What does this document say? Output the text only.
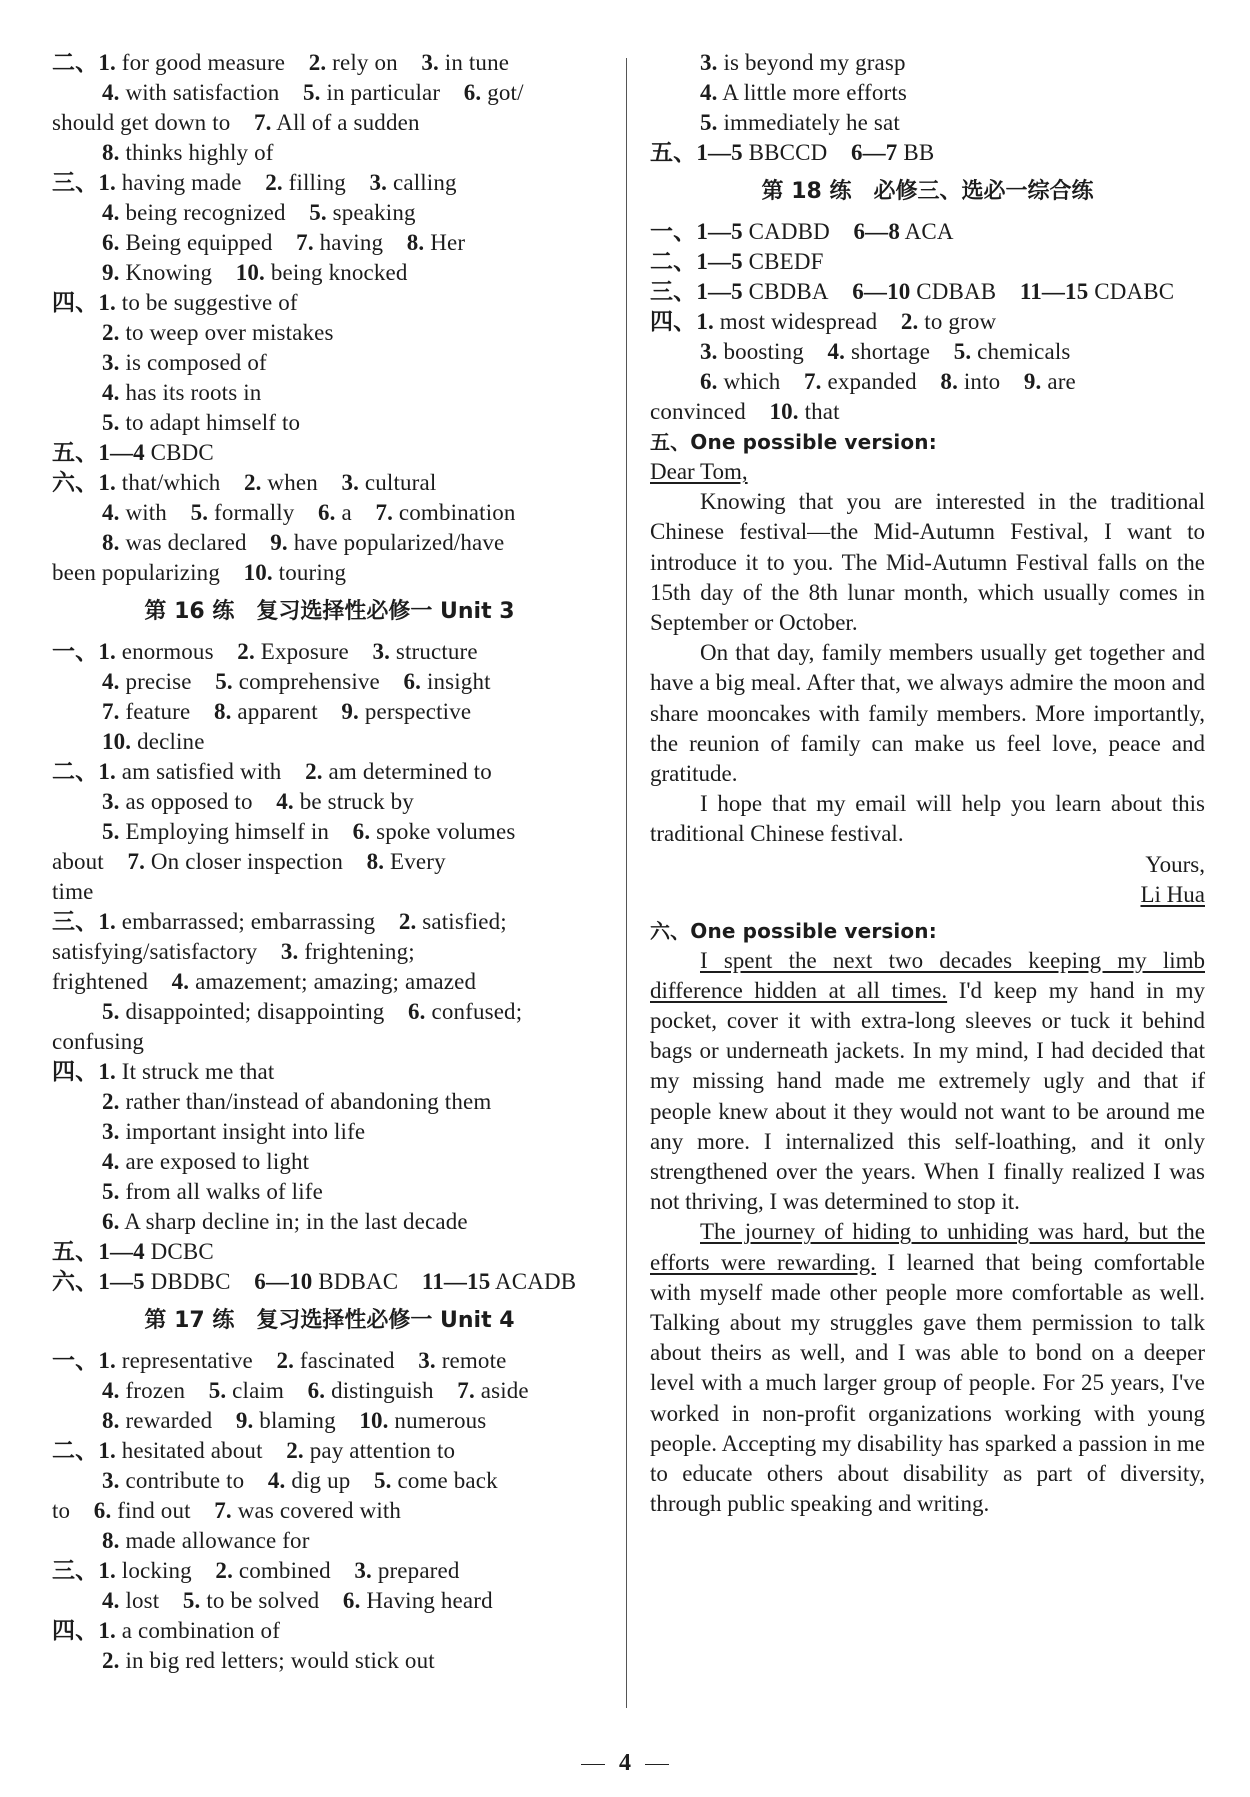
二、1. for good measure    2. rely on    3. in tune
4. with satisfaction    5. in particular    6. got/
should get down to    7. All of a sudden
8. thinks highly of
三、1. having made    2. filling    3. calling
4. being recognized    5. speaking
6. Being equipped    7. having    8. Her
9. Knowing    10. being knocked
四、1. to be suggestive of
2. to weep over mistakes
3. is composed of
4. has its roots in
5. to adapt himself to
五、1—4 CBDC
六、1. that/which    2. when    3. cultural
4. with    5. formally    6. a    7. combination
8. was declared    9. have popularized/have
been popularizing    10. touring
第 16 练　复习选择性必修一 Unit 3
一、1. enormous    2. Exposure    3. structure
4. precise    5. comprehensive    6. insight
7. feature    8. apparent    9. perspective
10. decline
二、1. am satisfied with    2. am determined to
3. as opposed to    4. be struck by
5. Employing himself in    6. spoke volumes
about    7. On closer inspection    8. Every
time
三、1. embarrassed; embarrassing    2. satisfied;
satisfying/satisfactory    3. frightening;
frightened    4. amazement; amazing; amazed
5. disappointed; disappointing    6. confused;
confusing
四、1. It struck me that
2. rather than/instead of abandoning them
3. important insight into life
4. are exposed to light
5. from all walks of life
6. A sharp decline in; in the last decade
五、1—4 DCBC
六、1—5 DBDBC    6—10 BDBAC    11—15 ACADB
第 17 练　复习选择性必修一 Unit 4
一、1. representative    2. fascinated    3. remote
4. frozen    5. claim    6. distinguish    7. aside
8. rewarded    9. blaming    10. numerous
二、1. hesitated about    2. pay attention to
3. contribute to    4. dig up    5. come back
to    6. find out    7. was covered with
8. made allowance for
三、1. locking    2. combined    3. prepared
4. lost    5. to be solved    6. Having heard
四、1. a combination of
2. in big red letters; would stick out
3. is beyond my grasp
4. A little more efforts
5. immediately he sat
五、1—5 BBCCD    6—7 BB
第 18 练　必修三、选必一综合练
一、1—5 CADBD    6—8 ACA
二、1—5 CBEDF
三、1—5 CBDBA    6—10 CDBAB    11—15 CDABC
四、1. most widespread    2. to grow
3. boosting    4. shortage    5. chemicals
6. which    7. expanded    8. into    9. are
convinced    10. that
五、One possible version:
Dear Tom,

Knowing that you are interested in the traditional Chinese festival—the Mid-Autumn Festival, I want to introduce it to you. The Mid-Autumn Festival falls on the 15th day of the 8th lunar month, which usually comes in September or October.

On that day, family members usually get together and have a big meal. After that, we always admire the moon and share mooncakes with family members. More importantly, the reunion of family can make us feel love, peace and gratitude.

I hope that my email will help you learn about this traditional Chinese festival.

Yours,
Li Hua
六、One possible version:

I spent the next two decades keeping my limb difference hidden at all times. I'd keep my hand in my pocket, cover it with extra-long sleeves or tuck it behind bags or underneath jackets. In my mind, I had decided that my missing hand made me extremely ugly and that if people knew about it they would not want to be around me any more. I internalized this self-loathing, and it only strengthened over the years. When I finally realized I was not thriving, I was determined to stop it.

The journey of hiding to unhiding was hard, but the efforts were rewarding. I learned that being comfortable with myself made other people more comfortable as well. Talking about my struggles gave them permission to talk about theirs as well, and I was able to bond on a deeper level with a much larger group of people. For 25 years, I've worked in non-profit organizations working with young people. Accepting my disability has sparked a passion in me to educate others about disability as part of diversity, through public speaking and writing.

4
